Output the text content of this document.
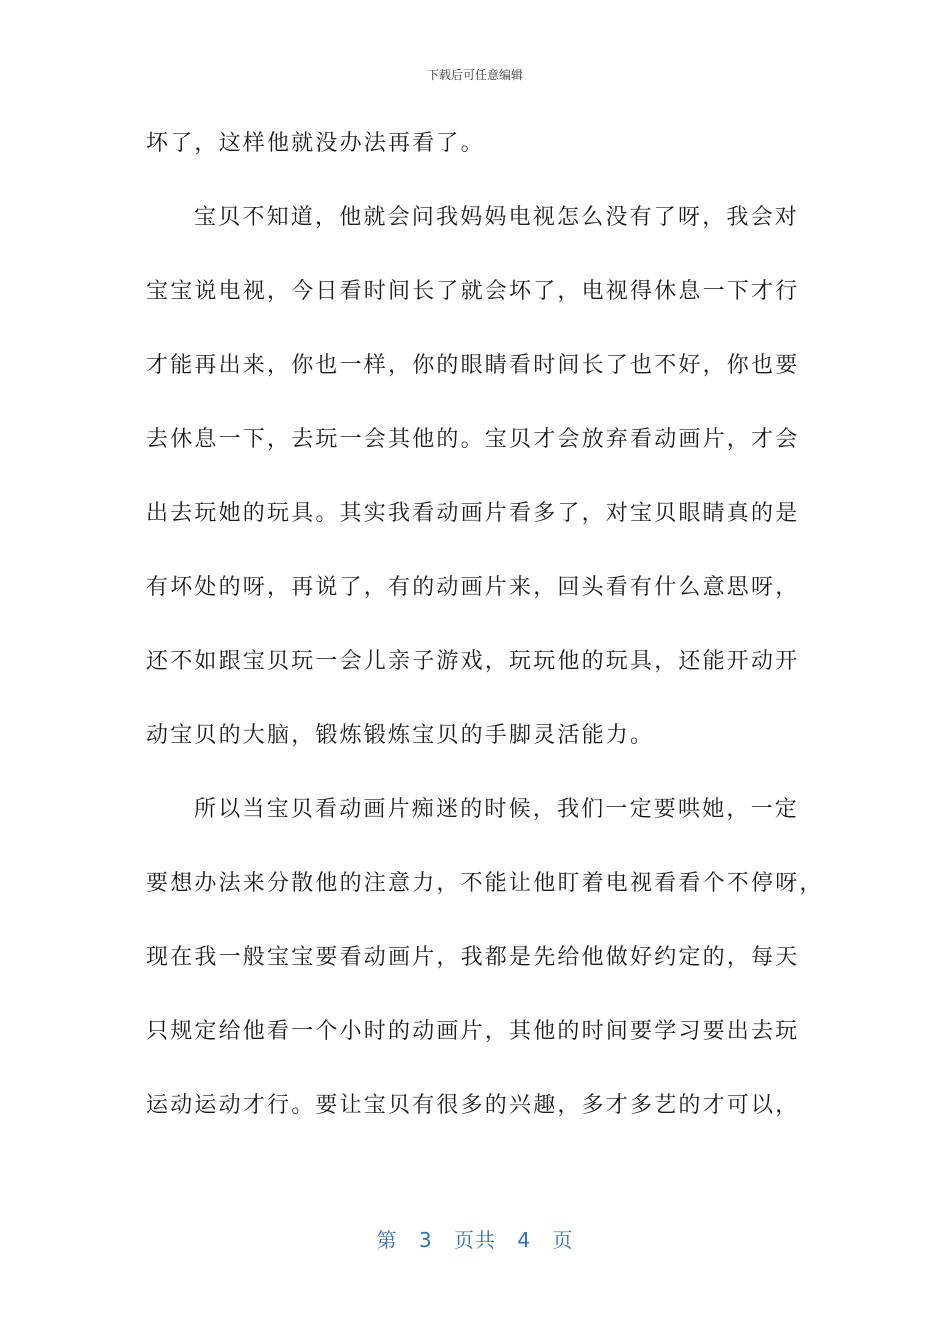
下载后可任意编辑
坏了，这样他就没办法再看了。
宝贝不知道，他就会问我妈妈电视怎么没有了呀，我会对
宝宝说电视，今日看时间长了就会坏了，电视得休息一下才行
才能再出来，你也一样，你的眼睛看时间长了也不好，你也要
去休息一下，去玩一会其他的。宝贝才会放弃看动画片，才会
出去玩她的玩具。其实我看动画片看多了，对宝贝眼睛真的是
有坏处的呀，再说了，有的动画片来，回头看有什么意思呀，
还不如跟宝贝玩一会儿亲子游戏，玩玩他的玩具，还能开动开
动宝贝的大脑，锻炼锻炼宝贝的手脚灵活能力。
所以当宝贝看动画片痴迷的时候，我们一定要哄她，一定
要想办法来分散他的注意力，不能让他盯着电视看看个不停呀，
现在我一般宝宝要看动画片，我都是先给他做好约定的，每天
只规定给他看一个小时的动画片，其他的时间要学习要出去玩
运动运动才行。要让宝贝有很多的兴趣，多才多艺的才可以，
第 3 页共 4 页
